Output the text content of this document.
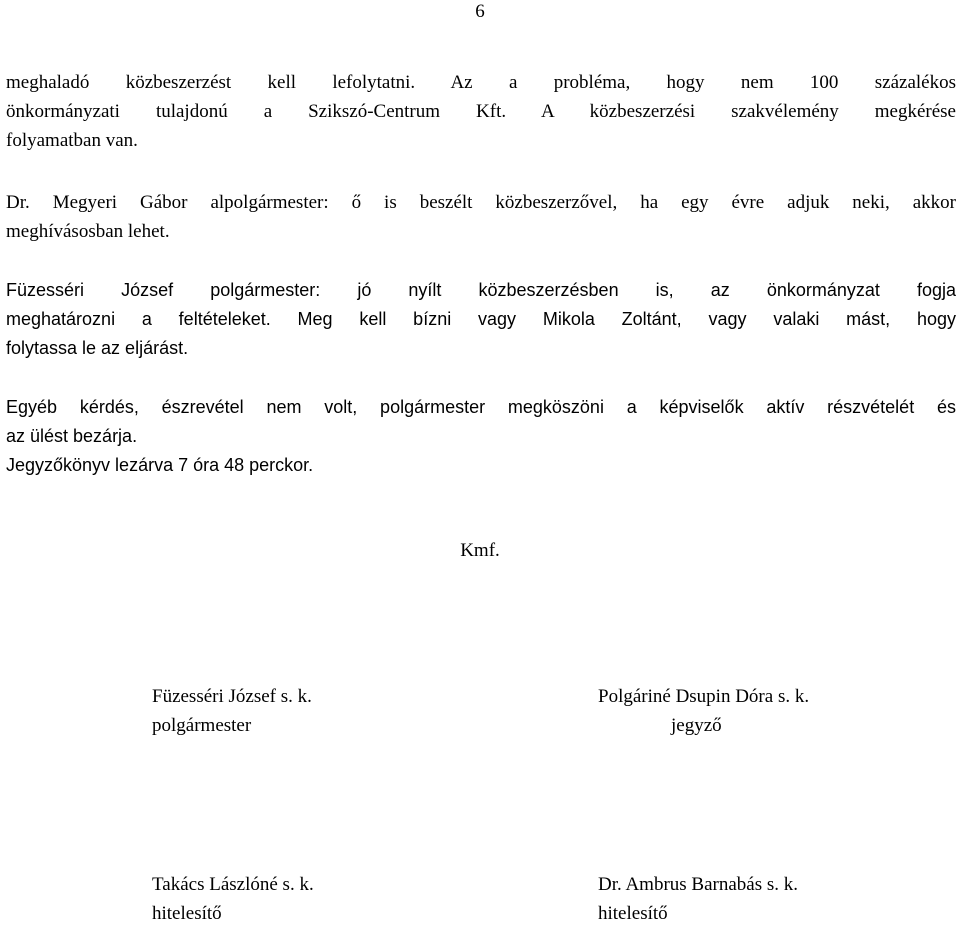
6
meghaladó közbeszerzést kell lefolytatni. Az a probléma, hogy nem 100 százalékos
önkormányzati tulajdonú a Szikszó-Centrum Kft. A közbeszerzési szakvélemény megkérése
folyamatban van.
Dr. Megyeri Gábor alpolgármester: ő is beszélt közbeszerzővel, ha egy évre adjuk neki, akkor
meghívásosban lehet.
Füzesséri József polgármester: jó nyílt közbeszerzésben is, az önkormányzat fogja
meghatározni a feltételeket. Meg kell bízni vagy Mikola Zoltánt, vagy valaki mást, hogy
folytassa le az eljárást.
Egyéb kérdés, észrevétel nem volt, polgármester megköszöni a képviselők aktív részvételét és
az ülést bezárja.
Jegyzőkönyv lezárva 7 óra 48 perckor.
Kmf.
Füzesséri József s. k.
polgármester
Polgáriné Dsupin Dóra s. k.
jegyző
Takács Lászlóné s. k.
hitelesítő
Dr. Ambrus Barnabás s. k.
hitelesítő
